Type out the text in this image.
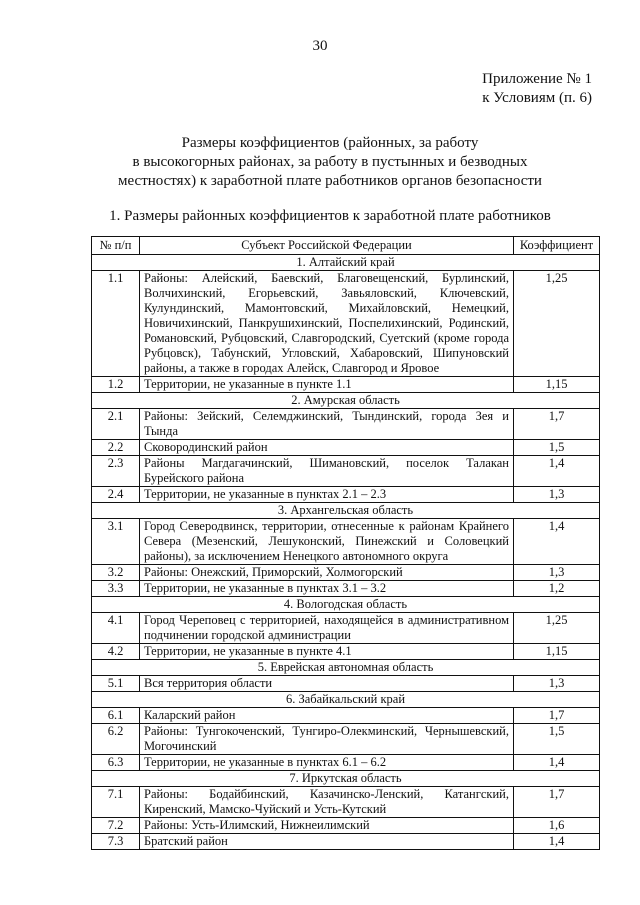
30
Приложение № 1
к Условиям (п. 6)
Размеры коэффициентов (районных, за работу
в высокогорных районах, за работу в пустынных и безводных
местностях) к заработной плате работников органов безопасности
1. Размеры районных коэффициентов к заработной плате работников
№ п/п	Субъект Российской Федерации	Коэффициент
1. Алтайский край		
1.1	Районы: Алейский, Баевский, Благовещенский, Бурлинский, Волчихинский, Егорьевский, Завьяловский, Ключевский, Кулундинский, Мамонтовский, Михайловский, Немецкий, Новичихинский, Панкрушихинский, Поспелихинский, Родинский, Романовский, Рубцовский, Славгородский, Суетский (кроме города Рубцовск), Табунский, Угловский, Хабаровский, Шипуновский районы, а также в городах Алейск, Славгород и Яровое	1,25
1.2	Территории, не указанные в пункте 1.1	1,15
2. Амурская область		
2.1	Районы: Зейский, Селемджинский, Тындинский, города Зея и Тында	1,7
2.2	Сковородинский район	1,5
2.3	Районы Магдагачинский, Шимановский, поселок Талакан Бурейского района	1,4
2.4	Территории, не указанные в пунктах 2.1 – 2.3	1,3
3. Архангельская область		
3.1	Город Северодвинск, территории, отнесенные к районам Крайнего Севера (Мезенский, Лешуконский, Пинежский и Соловецкий районы), за исключением Ненецкого автономного округа	1,4
3.2	Районы: Онежский, Приморский, Холмогорский	1,3
3.3	Территории, не указанные в пунктах 3.1 – 3.2	1,2
4. Вологодская область		
4.1	Город Череповец с территорией, находящейся в административном подчинении городской администрации	1,25
4.2	Территории, не указанные в пункте 4.1	1,15
5. Еврейская автономная область		
5.1	Вся территория области	1,3
6. Забайкальский край		
6.1	Каларский район	1,7
6.2	Районы: Тунгокоченский, Тунгиро-Олекминский, Чернышевский, Могочинский	1,5
6.3	Территории, не указанные в пунктах 6.1 – 6.2	1,4
7. Иркутская область		
7.1	Районы: Бодайбинский, Казачинско-Ленский, Катангский, Киренский, Мамско-Чуйский и Усть-Кутский	1,7
7.2	Районы: Усть-Илимский, Нижнеилимский	1,6
7.3	Братский район	1,4
